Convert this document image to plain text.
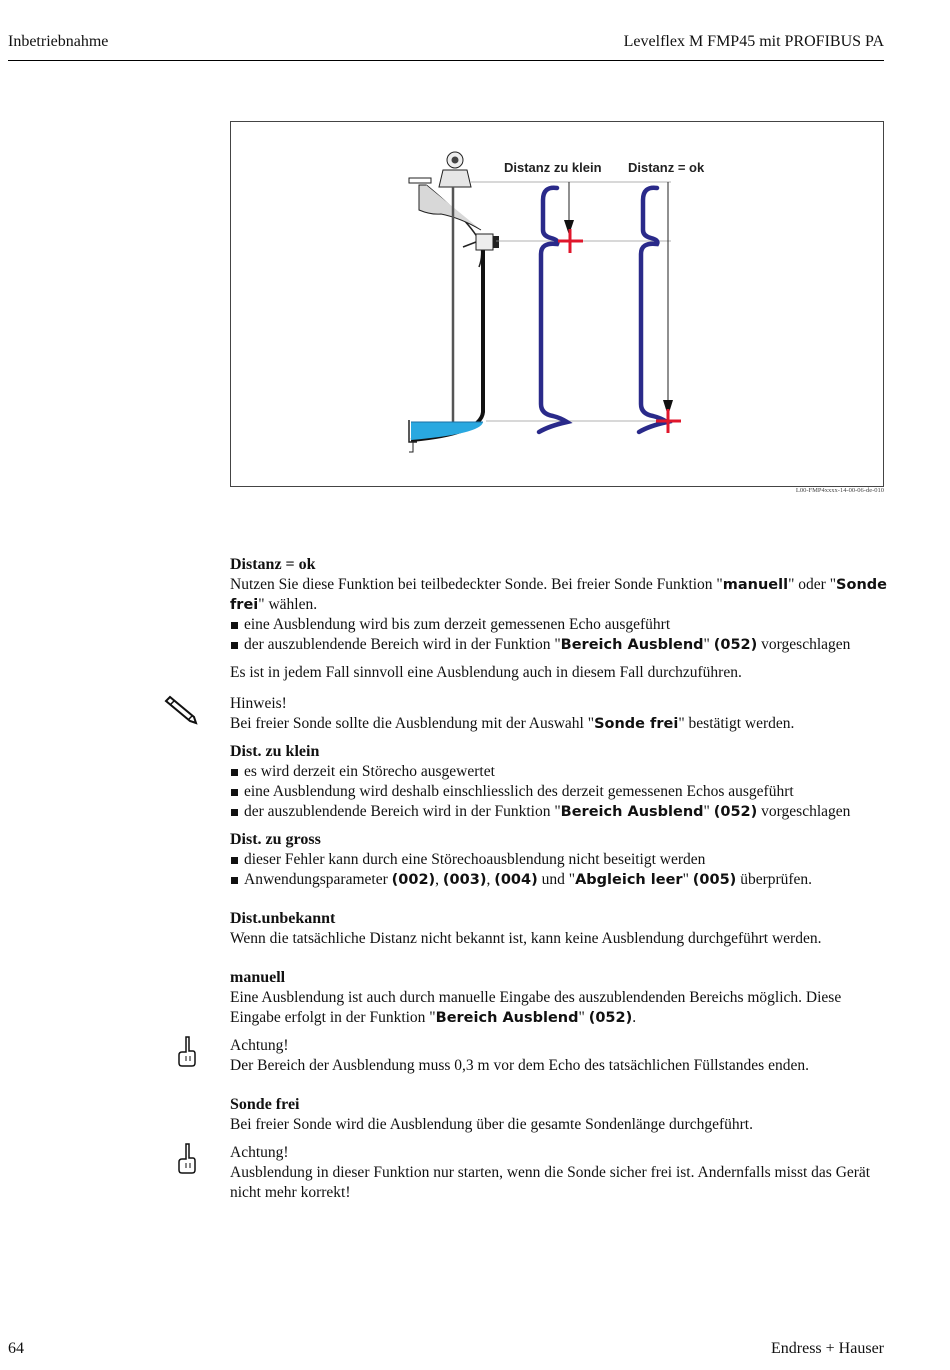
Inbetriebnahme	Levelflex M FMP45 mit PROFIBUS PA
Distanz zu klein Distanz = ok
L00-FMP4xxxx-14-00-06-de-010
Distanz = ok
Nutzen Sie diese Funktion bei teilbedeckter Sonde. Bei freier Sonde Funktion "manuell" oder "Sonde frei" wählen.
eine Ausblendung wird bis zum derzeit gemessenen Echo ausgeführt
der auszublendende Bereich wird in der Funktion "Bereich Ausblend" (052) vorgeschlagen
Es ist in jedem Fall sinnvoll eine Ausblendung auch in diesem Fall durchzuführen.
Hinweis!
Bei freier Sonde sollte die Ausblendung mit der Auswahl "Sonde frei" bestätigt werden.
Dist. zu klein
es wird derzeit ein Störecho ausgewertet
eine Ausblendung wird deshalb einschliesslich des derzeit gemessenen Echos ausgeführt
der auszublendende Bereich wird in der Funktion "Bereich Ausblend" (052) vorgeschlagen
Dist. zu gross
dieser Fehler kann durch eine Störechoausblendung nicht beseitigt werden
Anwendungsparameter (002), (003), (004) und "Abgleich leer" (005) überprüfen.
Dist.unbekannt
Wenn die tatsächliche Distanz nicht bekannt ist, kann keine Ausblendung durchgeführt werden.
manuell
Eine Ausblendung ist auch durch manuelle Eingabe des auszublendenden Bereichs möglich. Diese Eingabe erfolgt in der Funktion "Bereich Ausblend" (052).
Achtung!
Der Bereich der Ausblendung muss 0,3 m vor dem Echo des tatsächlichen Füllstandes enden.
Sonde frei
Bei freier Sonde wird die Ausblendung über die gesamte Sondenlänge durchgeführt.
Achtung!
Ausblendung in dieser Funktion nur starten, wenn die Sonde sicher frei ist. Andernfalls misst das Gerät nicht mehr korrekt!
64	Endress + Hauser
